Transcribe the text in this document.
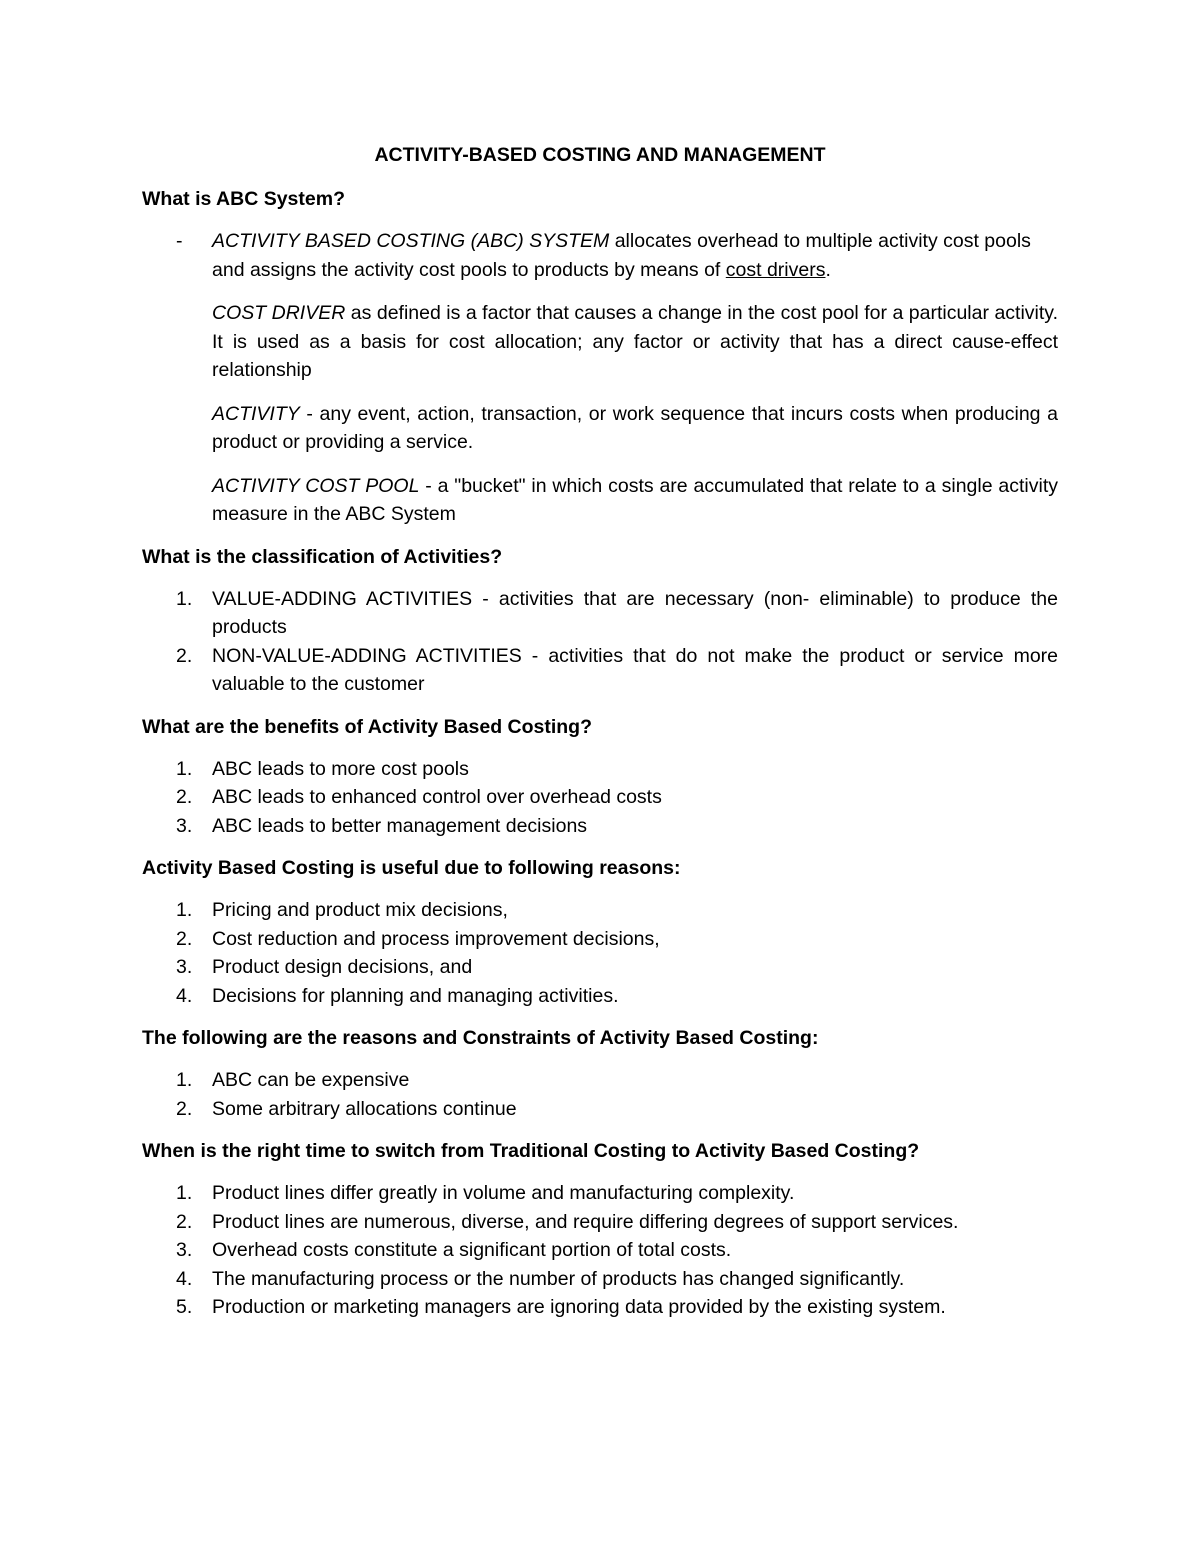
ACTIVITY-BASED COSTING AND MANAGEMENT

What is ABC System?

- ACTIVITY BASED COSTING (ABC) SYSTEM allocates overhead to multiple activity cost pools and assigns the activity cost pools to products by means of cost drivers.

COST DRIVER as defined is a factor that causes a change in the cost pool for a particular activity. It is used as a basis for cost allocation; any factor or activity that has a direct cause-effect relationship

ACTIVITY - any event, action, transaction, or work sequence that incurs costs when producing a product or providing a service.

ACTIVITY COST POOL - a "bucket" in which costs are accumulated that relate to a single activity measure in the ABC System

What is the classification of Activities?

1. VALUE-ADDING ACTIVITIES - activities that are necessary (non- eliminable) to produce the products
2. NON-VALUE-ADDING ACTIVITIES - activities that do not make the product or service more valuable to the customer

What are the benefits of Activity Based Costing?

1. ABC leads to more cost pools
2. ABC leads to enhanced control over overhead costs
3. ABC leads to better management decisions

Activity Based Costing is useful due to following reasons:

1. Pricing and product mix decisions,
2. Cost reduction and process improvement decisions,
3. Product design decisions, and
4. Decisions for planning and managing activities.

The following are the reasons and Constraints of Activity Based Costing:

1. ABC can be expensive
2. Some arbitrary allocations continue

When is the right time to switch from Traditional Costing to Activity Based Costing?

1. Product lines differ greatly in volume and manufacturing complexity.
2. Product lines are numerous, diverse, and require differing degrees of support services.
3. Overhead costs constitute a significant portion of total costs.
4. The manufacturing process or the number of products has changed significantly.
5. Production or marketing managers are ignoring data provided by the existing system.
